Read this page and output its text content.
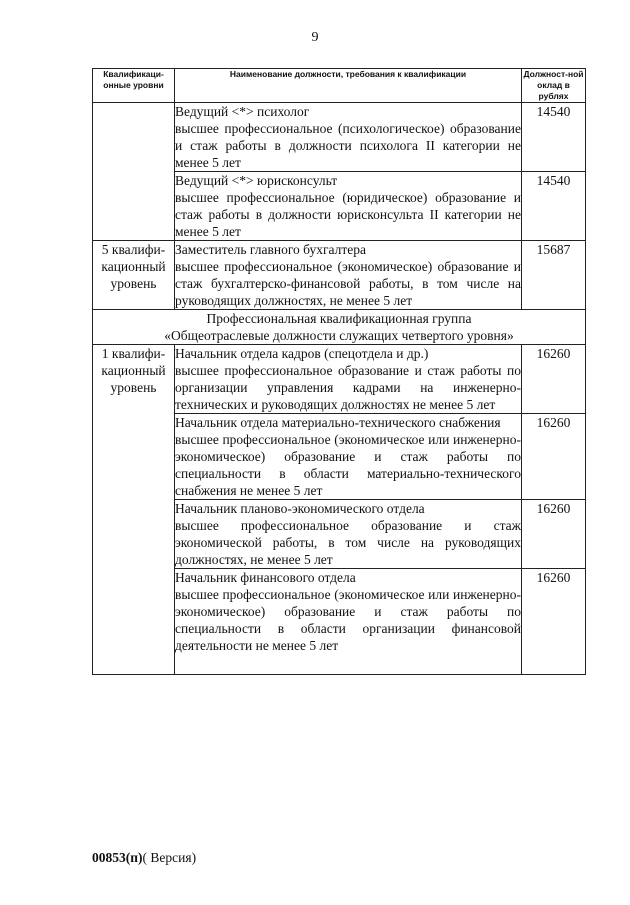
9
Квалификаци-онные уровни	Наименование должности, требования к квалификации	Должност-ной оклад в рублях

	Ведущий <*> психолог
высшее профессиональное (психологическое) образование и стаж работы в должности психолога II категории не менее 5 лет	14540

	Ведущий <*> юрисконсульт
высшее профессиональное (юридическое) образование и стаж работы в должности юрисконсульта II категории не менее 5 лет	14540
5 квалифи-кационный уровень	Заместитель главного бухгалтера
высшее профессиональное (экономическое) образование и стаж бухгалтерско-финансовой работы, в том числе на руководящих должностях, не менее 5 лет	15687

Профессиональная квалификационная группа
«Общеотраслевые должности служащих четвертого уровня»		

1 квалифи-кационный уровень	Начальник отдела кадров (спецотдела и др.)
высшее профессиональное образование и стаж работы по организации управления кадрами на инженерно-технических и руководящих должностях не менее 5 лет	16260

	Начальник отдела материально-технического снабжения
высшее профессиональное (экономическое или инженерно-экономическое) образование и стаж работы по специальности в области материально-технического снабжения не менее 5 лет	16260

	Начальник планово-экономического отдела
высшее профессиональное образование и стаж экономической работы, в том числе на руководящих должностях, не менее 5 лет	16260

	Начальник финансового отдела
высшее профессиональное (экономическое или инженерно-экономическое) образование и стаж работы по специальности в области организации финансовой деятельности не менее 5 лет	16260
00853(п)( Версия)
